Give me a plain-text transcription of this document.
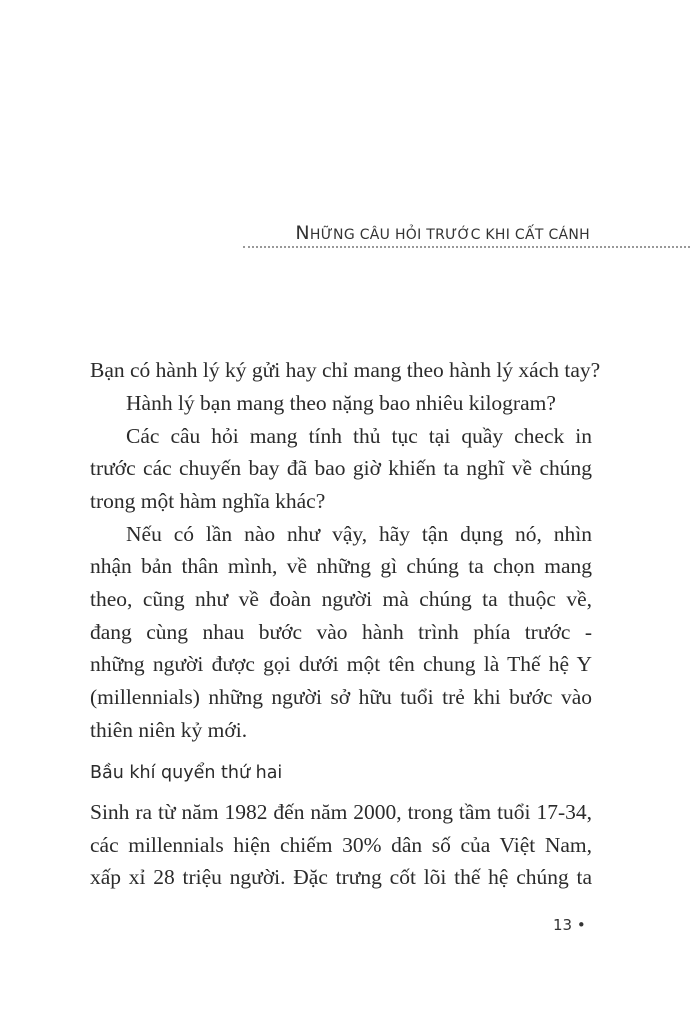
NHỮNG CÂU HỎI TRƯỚC KHI CẤT CÁNH
Bạn có hành lý ký gửi hay chỉ mang theo hành lý xách tay?
Hành lý bạn mang theo nặng bao nhiêu kilogram?
Các câu hỏi mang tính thủ tục tại quầy check in
trước các chuyến bay đã bao giờ khiến ta nghĩ về chúng
trong một hàm nghĩa khác?
Nếu có lần nào như vậy, hãy tận dụng nó, nhìn
nhận bản thân mình, về những gì chúng ta chọn mang
theo, cũng như về đoàn người mà chúng ta thuộc về,
đang cùng nhau bước vào hành trình phía trước -
những người được gọi dưới một tên chung là Thế hệ Y
(millennials) những người sở hữu tuổi trẻ khi bước vào
thiên niên kỷ mới.
Bầu khí quyển thứ hai
Sinh ra từ năm 1982 đến năm 2000, trong tầm tuổi 17-34,
các millennials hiện chiếm 30% dân số của Việt Nam,
xấp xỉ 28 triệu người. Đặc trưng cốt lõi thế hệ chúng ta
13 •
